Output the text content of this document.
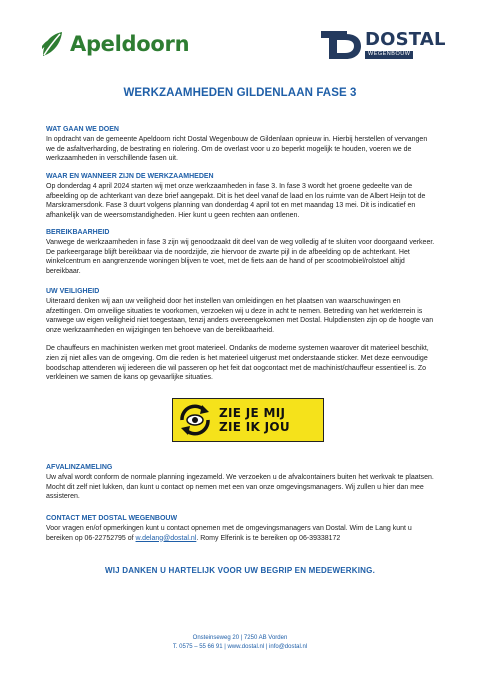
Apeldoorn	DOSTAL
WEGENBOUW
WERKZAAMHEDEN GILDENLAAN FASE 3
WAT GAAN WE DOEN

In opdracht van de gemeente Apeldoorn richt Dostal Wegenbouw de Gildenlaan opnieuw in. Hierbij herstellen of vervangen we de asfaltverharding, de bestrating en riolering. Om de overlast voor u zo beperkt mogelijk te houden, voeren we de werkzaamheden in verschillende fasen uit.

WAAR EN WANNEER ZIJN DE WERKZAAMHEDEN

Op donderdag 4 april 2024 starten wij met onze werkzaamheden in fase 3. In fase 3 wordt het groene gedeelte van de afbeelding op de achterkant van deze brief aangepakt. Dit is het deel vanaf de laad en los ruimte van de Albert Heijn tot de Marskramersdonk. Fase 3 duurt volgens planning van donderdag 4 april tot en met maandag 13 mei. Dit is indicatief en afhankelijk van de weersomstandigheden. Hier kunt u geen rechten aan ontlenen.

BEREIKBAARHEID

Vanwege de werkzaamheden in fase 3 zijn wij genoodzaakt dit deel van de weg volledig af te sluiten voor doorgaand verkeer. De parkeergarage blijft bereikbaar via de noordzijde, zie hiervoor de zwarte pijl in de afbeelding op de achterkant. Het winkelcentrum en aangrenzende woningen blijven te voet, met de fiets aan de hand of per scootmobiel/rolstoel altijd bereikbaar.

UW VEILIGHEID

Uiteraard denken wij aan uw veiligheid door het instellen van omleidingen en het plaatsen van waarschuwingen en afzettingen. Om onveilige situaties te voorkomen, verzoeken wij u deze in acht te nemen. Betreding van het werkterrein is vanwege uw eigen veiligheid niet toegestaan, tenzij anders overeengekomen met Dostal. Hulpdiensten zijn op de hoogte van onze werkzaamheden en wijzigingen ten behoeve van de bereikbaarheid.

De chauffeurs en machinisten werken met groot materieel. Ondanks de moderne systemen waarover dit materieel beschikt, zien zij niet alles van de omgeving. Om die reden is het materieel uitgerust met onderstaande sticker. Met deze eenvoudige boodschap attenderen wij iedereen die wil passeren op het feit dat oogcontact met de machinist/chauffeur essentieel is. Zo verkleinen we samen de kans op gevaarlijke situaties.

ZIE JE MIJ
ZIE IK JOU
AFVALINZAMELING

Uw afval wordt conform de normale planning ingezameld. We verzoeken u de afvalcontainers buiten het werkvak te plaatsen. Mocht dit zelf niet lukken, dan kunt u contact op nemen met een van onze omgevingsmanagers. Wij zullen u hier dan mee assisteren.

CONTACT MET DOSTAL WEGENBOUW

Voor vragen en/of opmerkingen kunt u contact opnemen met de omgevingsmanagers van Dostal. Wim de Lang kunt u bereiken op 06-22752795 of w.delang@dostal.nl. Romy Elferink is te bereiken op 06-39338172

WIJ DANKEN U HARTELIJK VOOR UW BEGRIP EN MEDEWERKING.
Onsteinseweg 20 | 7250 AB Vorden
T. 0575 – 55 66 91 | www.dostal.nl | info@dostal.nl
